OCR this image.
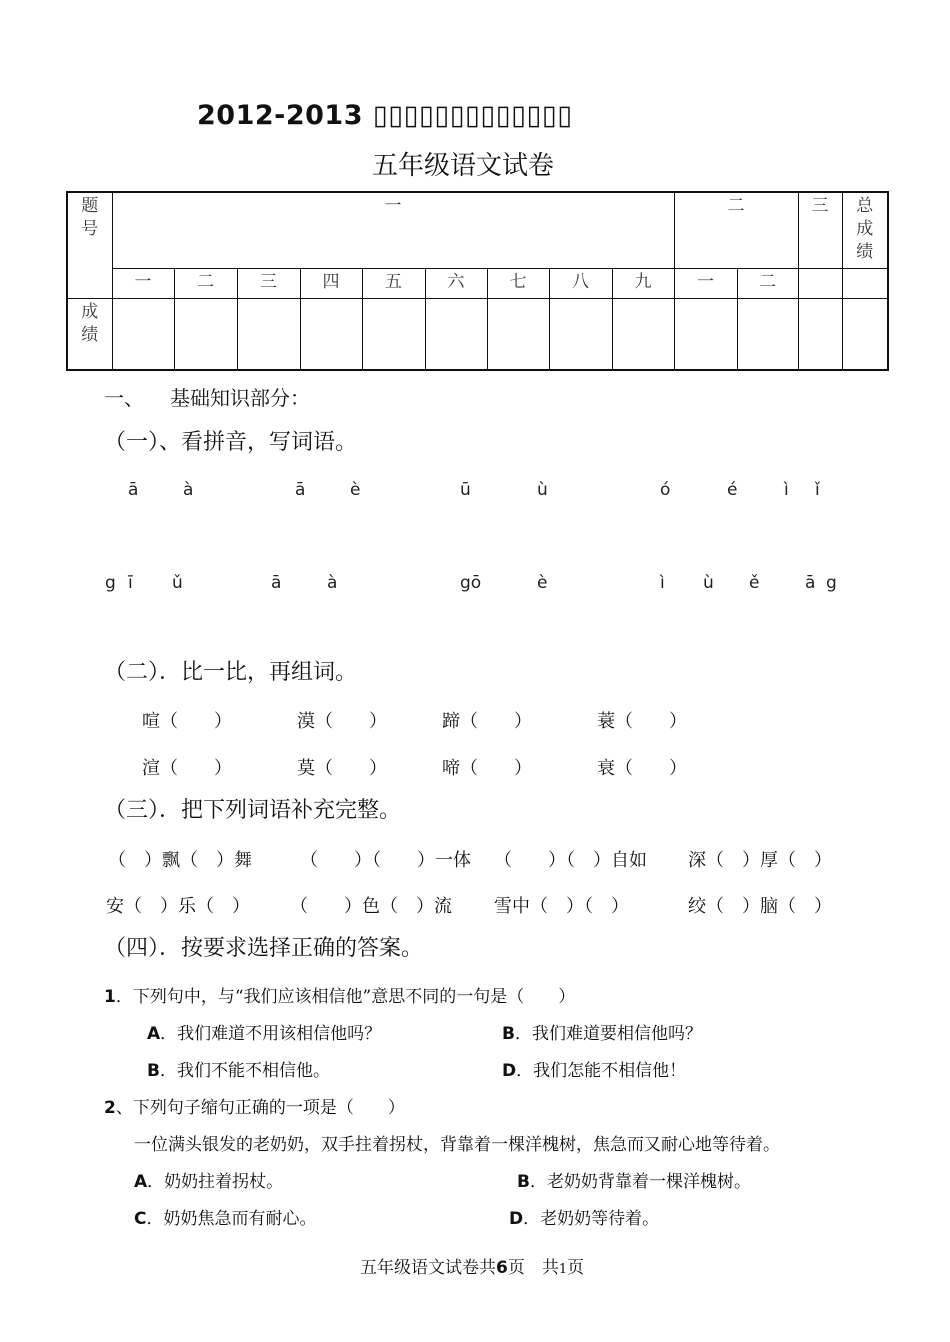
2012-2013 ▯▯▯▯▯▯▯▯▯▯▯▯▯
五年级语文试卷
题号	一									二		三	总成绩
	一	二	三	四	五	六	七	八	九	一	二		
成绩													
一、 基础知识部分：
（一）、看拼音，写词语。
ā	à	ā	è	ū	ù	ó	é	ì ǐ
g ī ǔ	ā	à	gō	è	ì ù ě	ā g
（二）．比一比，再组词。
喧（　　）	漠（　　）	蹄（　　）	蓑（　　）
渲（　　）	莫（　　）	啼（　　）	衰（　　）
（三）．把下列词语补充完整。
（　）飘（　）舞	（　　）（　　）一体 （　　）（　）自如 深（　）厚（　）
安（　）乐（　） （　　）色（　）流 雪中（　）（　）	绞（　）脑（　）
（四）．按要求选择正确的答案。
1．下列句中，与“我们应该相信他”意思不同的一句是（　　）
A．我们难道不用该相信他吗？	B．我们难道要相信他吗？
B．我们不能不相信他。	D．我们怎能不相信他！
2、下列句子缩句正确的一项是（　　）
一位满头银发的老奶奶，双手拄着拐杖，背靠着一棵洋槐树，焦急而又耐心地等待着。
A．奶奶拄着拐杖。	B．老奶奶背靠着一棵洋槐树。
C．奶奶焦急而有耐心。	D．老奶奶等待着。
五年级语文试卷共6页　共1页
